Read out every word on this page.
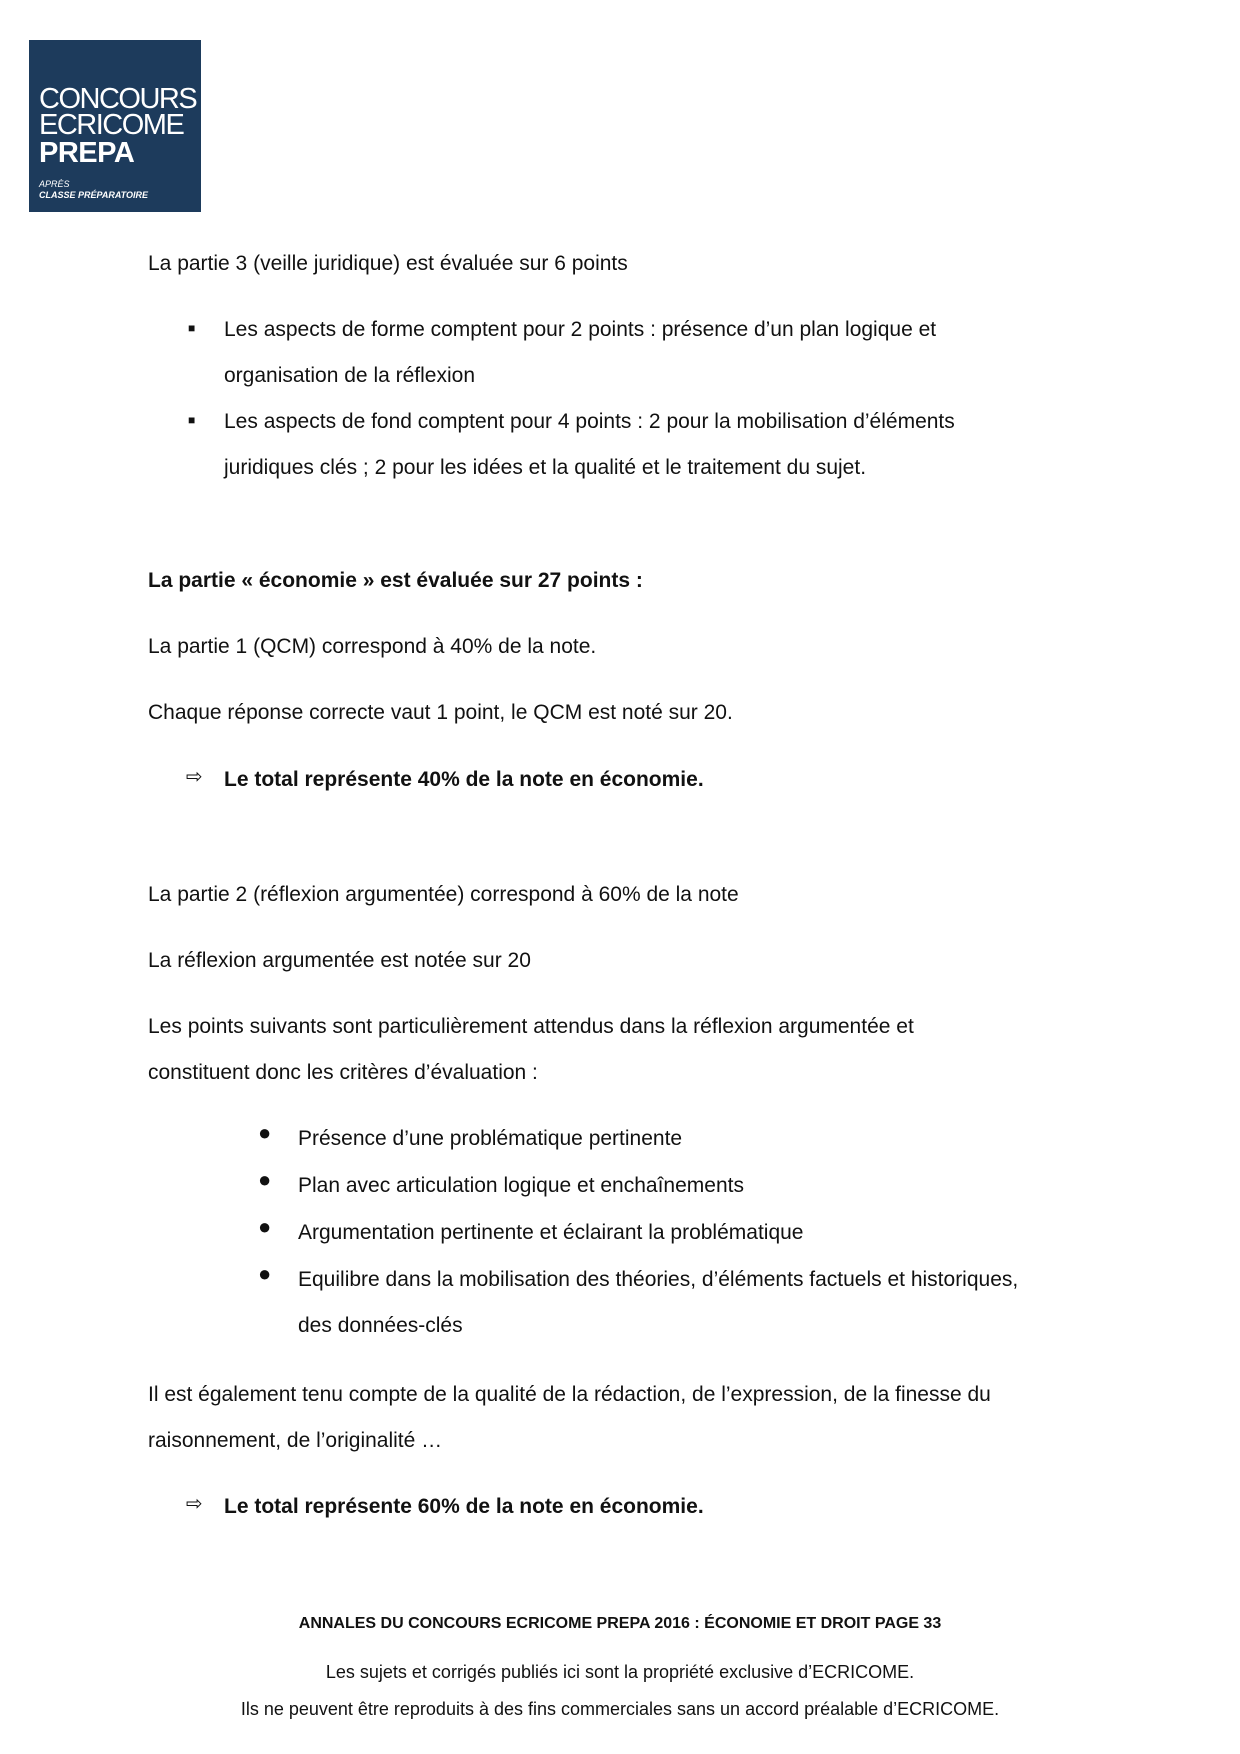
CONCOURS
ECRICOME
PREPA
APRÈS
CLASSE PRÉPARATOIRE
La partie 3 (veille juridique) est évaluée sur 6 points
■ Les aspects de forme comptent pour 2 points : présence d’un plan logique et
organisation de la réflexion
■ Les aspects de fond comptent pour 4 points : 2 pour la mobilisation d’éléments
juridiques clés ; 2 pour les idées et la qualité et le traitement du sujet.
La partie « économie » est évaluée sur 27 points :
La partie 1 (QCM) correspond à 40% de la note.
Chaque réponse correcte vaut 1 point, le QCM est noté sur 20.
⇨ Le total représente 40% de la note en économie.
La partie 2 (réflexion argumentée) correspond à 60% de la note
La réflexion argumentée est notée sur 20
Les points suivants sont particulièrement attendus dans la réflexion argumentée et
constituent donc les critères d’évaluation :
● Présence d’une problématique pertinente
● Plan avec articulation logique et enchaînements
● Argumentation pertinente et éclairant la problématique
● Equilibre dans la mobilisation des théories, d’éléments factuels et historiques,
des données-clés
Il est également tenu compte de la qualité de la rédaction, de l’expression, de la finesse du
raisonnement, de l’originalité …
⇨ Le total représente 60% de la note en économie.
ANNALES DU CONCOURS ECRICOME PREPA 2016 : ÉCONOMIE ET DROIT PAGE 33
Les sujets et corrigés publiés ici sont la propriété exclusive d’ECRICOME.
Ils ne peuvent être reproduits à des fins commerciales sans un accord préalable d’ECRICOME.
